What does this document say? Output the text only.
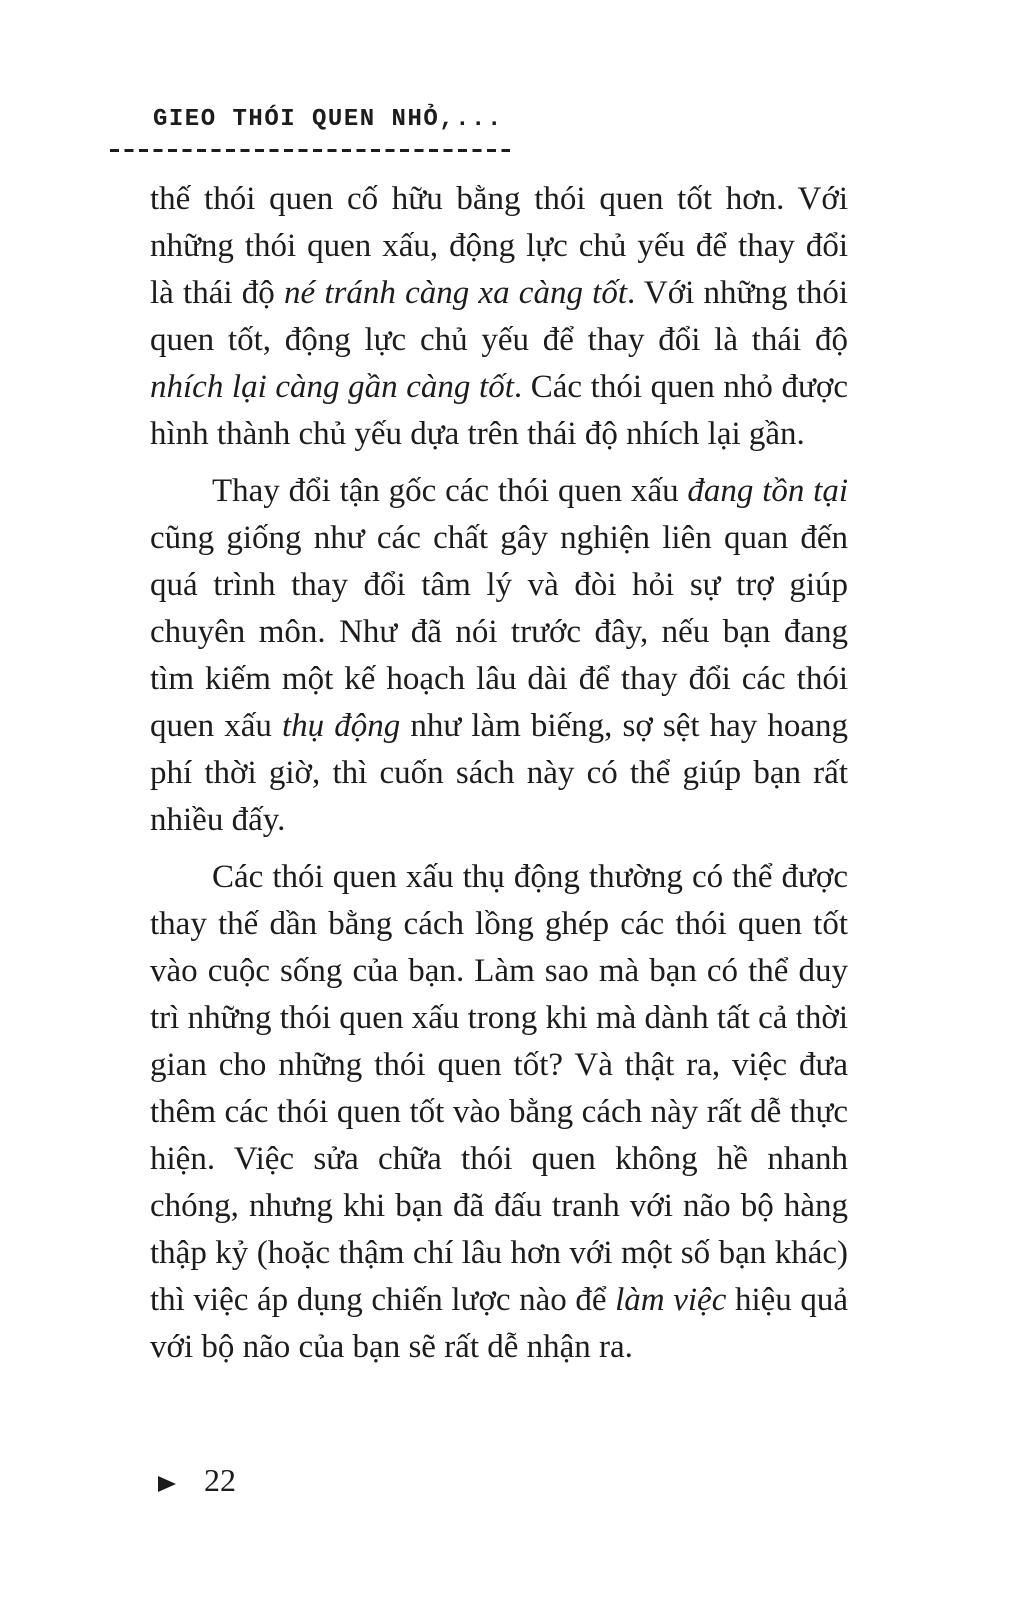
GIEO THÓI QUEN NHỎ,...

thế thói quen cố hữu bằng thói quen tốt hơn. Với những thói quen xấu, động lực chủ yếu để thay đổi là thái độ né tránh càng xa càng tốt. Với những thói quen tốt, động lực chủ yếu để thay đổi là thái độ nhích lại càng gần càng tốt. Các thói quen nhỏ được hình thành chủ yếu dựa trên thái độ nhích lại gần.

Thay đổi tận gốc các thói quen xấu đang tồn tại cũng giống như các chất gây nghiện liên quan đến quá trình thay đổi tâm lý và đòi hỏi sự trợ giúp chuyên môn. Như đã nói trước đây, nếu bạn đang tìm kiếm một kế hoạch lâu dài để thay đổi các thói quen xấu thụ động như làm biếng, sợ sệt hay hoang phí thời giờ, thì cuốn sách này có thể giúp bạn rất nhiều đấy.

Các thói quen xấu thụ động thường có thể được thay thế dần bằng cách lồng ghép các thói quen tốt vào cuộc sống của bạn. Làm sao mà bạn có thể duy trì những thói quen xấu trong khi mà dành tất cả thời gian cho những thói quen tốt? Và thật ra, việc đưa thêm các thói quen tốt vào bằng cách này rất dễ thực hiện. Việc sửa chữa thói quen không hề nhanh chóng, nhưng khi bạn đã đấu tranh với não bộ hàng thập kỷ (hoặc thậm chí lâu hơn với một số bạn khác) thì việc áp dụng chiến lược nào để làm việc hiệu quả với bộ não của bạn sẽ rất dễ nhận ra.

22
